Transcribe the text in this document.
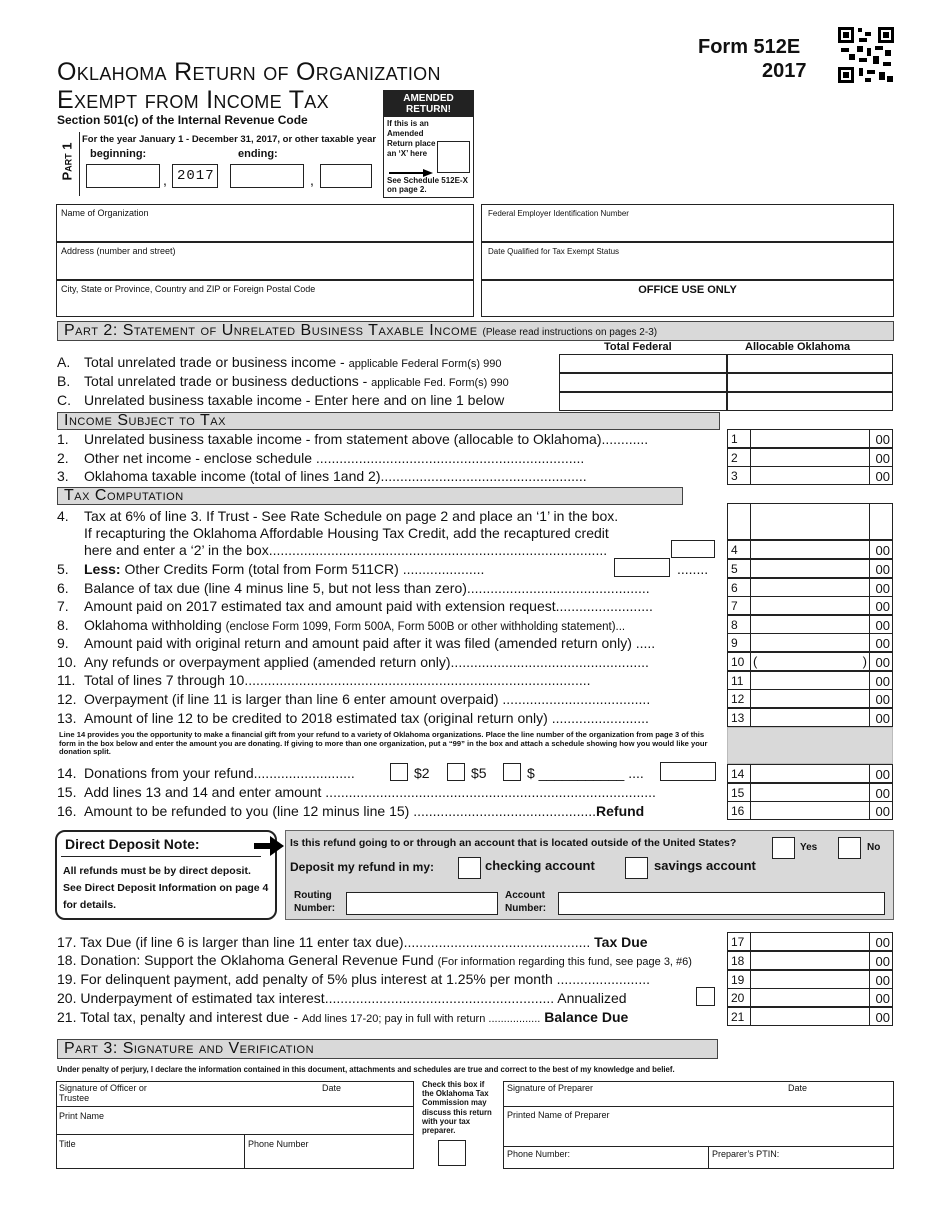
Form 512E
2017
Oklahoma Return of Organization
Exempt from Income Tax
Section 501(c) of the Internal Revenue Code
AMENDED RETURN!
If this is an Amended Return place an ‘X’ here
See Schedule 512E-X on page 2.
Part 1
For the year January 1 - December 31, 2017, or other taxable year
beginning:	ending:
, 2017	,
Name of Organization
Address (number and street)
City, State or Province, Country and ZIP or Foreign Postal Code
Federal Employer Identification Number
Date Qualified for Tax Exempt Status
OFFICE USE ONLY
Part 2: Statement of Unrelated Business Taxable Income (Please read instructions on pages 2-3)
Total Federal	Allocable Oklahoma
A. Total unrelated trade or business income - applicable Federal Form(s) 990
B. Total unrelated trade or business deductions - applicable Fed. Form(s) 990
C. Unrelated business taxable income - Enter here and on line 1 below
Income Subject to Tax
1. Unrelated business taxable income - from statement above (allocable to Oklahoma)............
2. Other net income - enclose schedule .....................................................................
3. Oklahoma taxable income (total of lines 1and 2).....................................................
1	00
2	00
3	00
Tax Computation
4. Tax at 6% of line 3. If Trust - See Rate Schedule on page 2 and place an ‘1’ in the box.
If recapturing the Oklahoma Affordable Housing Tax Credit, add the recaptured credit
here and enter a ‘2’ in the box.......................................................................................
5. Less: Other Credits Form (total from Form 511CR) .....................	........
6. Balance of tax due (line 4 minus line 5, but not less than zero)...............................................
7. Amount paid on 2017 estimated tax and amount paid with extension request.........................
8. Oklahoma withholding (enclose Form 1099, Form 500A, Form 500B or other withholding statement)...
9. Amount paid with original return and amount paid after it was filed (amended return only) .....
10. Any refunds or overpayment applied (amended return only)...................................................
11. Total of lines 7 through 10.........................................................................................
12. Overpayment (if line 11 is larger than line 6 enter amount overpaid) ......................................
13. Amount of line 12 to be credited to 2018 estimated tax (original return only) .........................
Line 14 provides you the opportunity to make a financial gift from your refund to a variety of Oklahoma organizations. Place the line number of the organization from page 3 of this form in the box below and enter the amount you are donating. If giving to more than one organization, put a “99” in the box and attach a schedule showing how you would like your donation split.
14. Donations from your refund..........................	$2	$5	$ ___________ ....
15. Add lines 13 and 14 and enter amount .....................................................................................
16. Amount to be refunded to you (line 12 minus line 15) ...............................................Refund
4	00
5	00
6	00
7	00
8	00
9	00
10	00
(	)
11	00
12	00
13	00
14	00
15	00
16	00
Direct Deposit Note:
All refunds must be by direct deposit. See Direct Deposit Information on page 4 for details.
Is this refund going to or through an account that is located outside of the United States?	Yes	No
Deposit my refund in my:	checking account	savings account
Routing Number:
Account Number:
17. Tax Due (if line 6 is larger than line 11 enter tax due)................................................ Tax Due
18. Donation: Support the Oklahoma General Revenue Fund (For information regarding this fund, see page 3, #6)
19. For delinquent payment, add penalty of 5% plus interest at 1.25% per month ........................
20. Underpayment of estimated tax interest........................................................... Annualized
21. Total tax, penalty and interest due - Add lines 17-20; pay in full with return ................. Balance Due
17	00
18	00
19	00
20	00
21	00
Part 3: Signature and Verification
Under penalty of perjury, I declare the information contained in this document, attachments and schedules are true and correct to the best of my knowledge and belief.
Signature of Officer or Trustee
Date
Print Name
Title	Phone Number
Check this box if the Oklahoma Tax Commission may discuss this return with your tax preparer.
Signature of Preparer	Date
Printed Name of Preparer
Phone Number:	Preparer’s PTIN:
